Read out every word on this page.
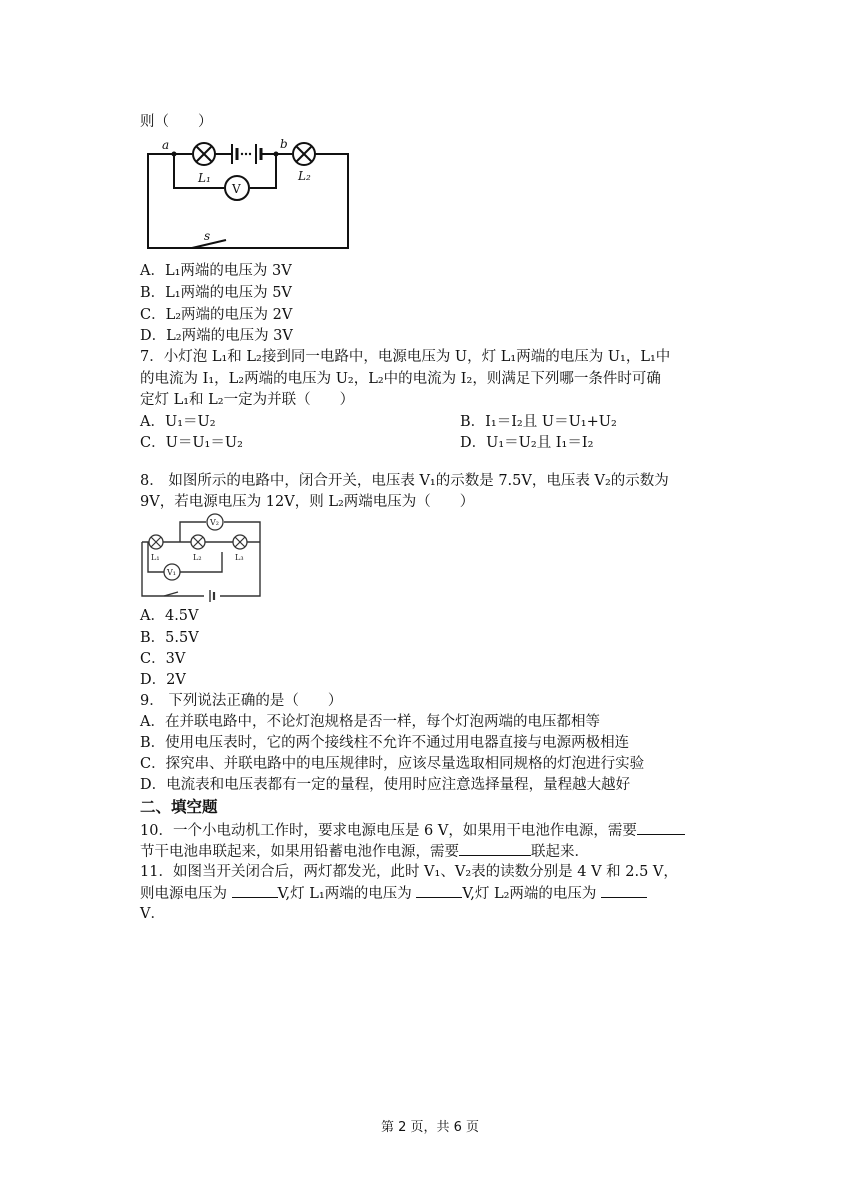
则（　　）
a	b
L₁	L₂
V
s
A．L₁两端的电压为 3V
B．L₁两端的电压为 5V
C．L₂两端的电压为 2V
D．L₂两端的电压为 3V
7．小灯泡 L₁和 L₂接到同一电路中，电源电压为 U，灯 L₁两端的电压为 U₁，L₁中
的电流为 I₁，L₂两端的电压为 U₂，L₂中的电流为 I₂，则满足下列哪一条件时可确
定灯 L₁和 L₂一定为并联（　　）
A．U₁＝U₂	B．I₁＝I₂且 U＝U₁+U₂
C．U＝U₁＝U₂	D．U₁＝U₂且 I₁＝I₂
8． 如图所示的电路中，闭合开关，电压表 V₁的示数是 7.5V，电压表 V₂的示数为
9V，若电源电压为 12V，则 L₂两端电压为（　　）
V₂
V₁
L₁	L₂	L₃
A．4.5V
B．5.5V
C．3V
D．2V
9． 下列说法正确的是（　　）
A．在并联电路中，不论灯泡规格是否一样，每个灯泡两端的电压都相等
B．使用电压表时，它的两个接线柱不允许不通过用电器直接与电源两极相连
C．探究串、并联电路中的电压规律时，应该尽量选取相同规格的灯泡进行实验
D．电流表和电压表都有一定的量程，使用时应注意选择量程，量程越大越好
二、填空题
10．一个小电动机工作时，要求电源电压是 6 V，如果用干电池作电源，需要
节干电池串联起来，如果用铅蓄电池作电源，需要	联起来．
11．如图当开关闭合后，两灯都发光，此时 V₁、V₂表的读数分别是 4 V 和 2.5 V，
则电源电压为	V,灯 L₁两端的电压为	V,灯 L₂两端的电压为
V．
第 2 页，共 6 页
